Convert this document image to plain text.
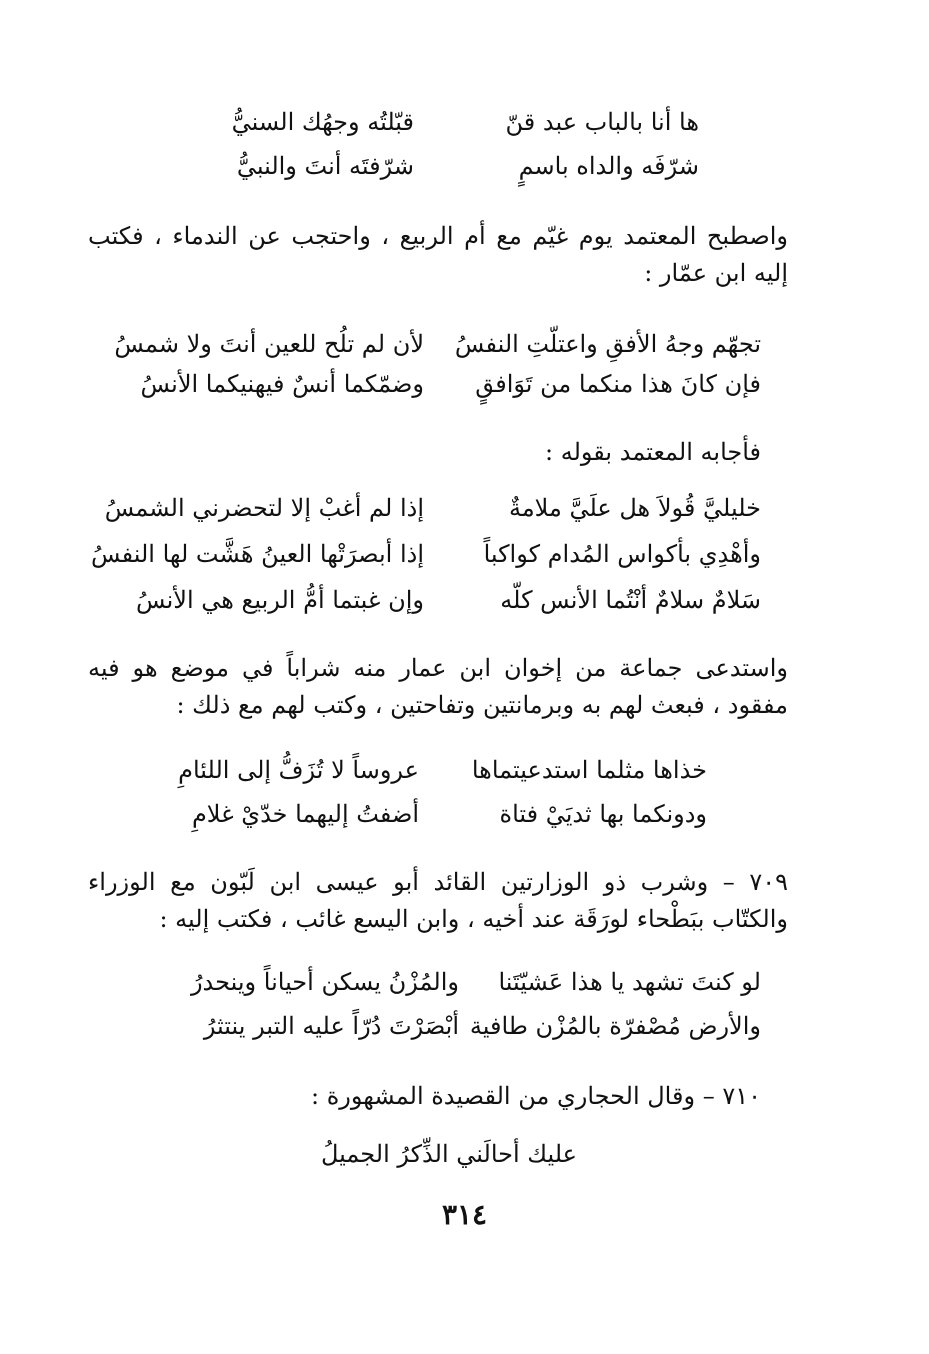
ها أنا بالباب عبد قنّ
قبّلتُه وجهُك السنيُّ
شرّفَه والداه باسمٍ
شرّفتَه أنتَ والنبيُّ
واصطبح المعتمد يوم غيّم مع أم الربيع ، واحتجب عن الندماء ، فكتب إليه ابن عمّار :
تجهّم وجهُ الأفقِ واعتلّتِ النفسُ
لأن لم تلُح للعين أنتَ ولا شمسُ
فإن كانَ هذا منكما من تَوَافقٍ
وضمّكما أنسٌ فيهنيكما الأنسُ
فأجابه المعتمد بقوله :
خليليَّ قُولاَ هل علَيَّ ملامةٌ
إذا لم أغبْ إلا لتحضرني الشمسُ
وأهْدِي بأكواس المُدام كواكباً
إذا أبصرَتْها العينُ هَشَّت لها النفسُ
سَلامٌ سلامٌ أنْتُما الأنس كلّه
وإن غبتما أمُّ الربيع هي الأنسُ
واستدعى جماعة من إخوان ابن عمار منه شراباً في موضع هو فيه مفقود ، فبعث لهم به وبرمانتين وتفاحتين ، وكتب لهم مع ذلك :
خذاها مثلما استدعيتماها
عروساً لا تُزَفُّ إلى اللئامِ
ودونكما بها ثديَيْ فتاة
أضفتُ إليهما خدّيْ غلامِ
٧٠٩ – وشرب ذو الوزارتين القائد أبو عيسى ابن لَبّون مع الوزراء والكتّاب ببَطْحاء لورَقَة عند أخيه ، وابن اليسع غائب ، فكتب إليه :
لو كنتَ تشهد يا هذا عَشيّتَنا
والمُزْنُ يسكن أحياناً وينحدرُ
والأرض مُصْفرّة بالمُزْن طافية
أبْصَرْتَ دُرّاً عليه التبر ينتثرُ
٧١٠ – وقال الحجاري من القصيدة المشهورة :
عليك أحالَني الذِّكرُ الجميلُ
٣١٤
